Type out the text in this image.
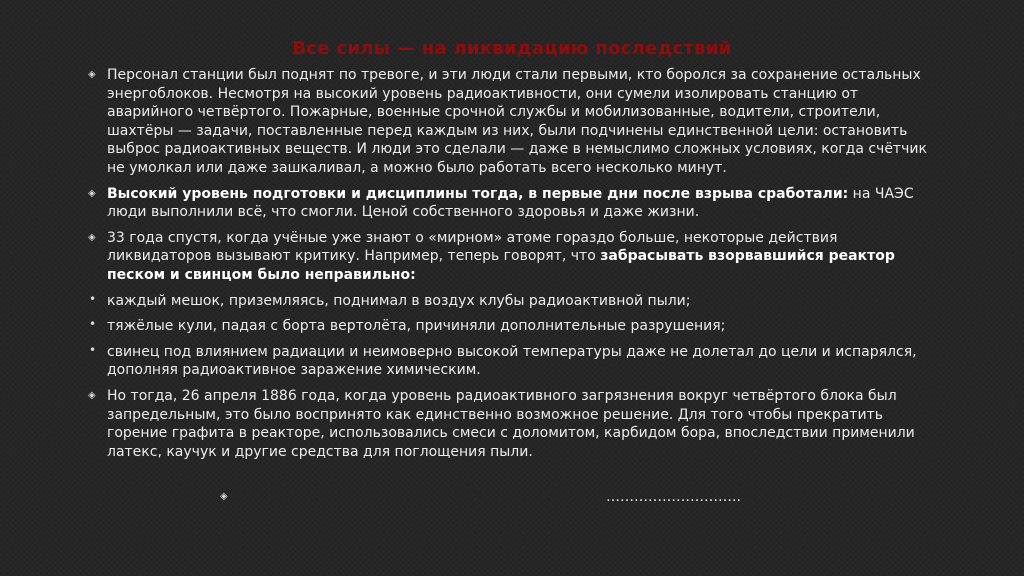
Все силы — на ликвидацию последствий
◈ Персонал станции был поднят по тревоге, и эти люди стали первыми, кто боролся за сохранение остальных энергоблоков. Несмотря на высокий уровень радиоактивности, они сумели изолировать станцию от аварийного четвёртого. Пожарные, военные срочной службы и мобилизованные, водители, строители, шахтёры — задачи, поставленные перед каждым из них, были подчинены единственной цели: остановить выброс радиоактивных веществ. И люди это сделали — даже в немыслимо сложных условиях, когда счётчик не умолкал или даже зашкаливал, а можно было работать всего несколько минут.
◈ Высокий уровень подготовки и дисциплины тогда, в первые дни после взрыва сработали: на ЧАЭС люди выполнили всё, что смогли. Ценой собственного здоровья и даже жизни.
◈ 33 года спустя, когда учёные уже знают о «мирном» атоме гораздо больше, некоторые действия ликвидаторов вызывают критику. Например, теперь говорят, что забрасывать взорвавшийся реактор песком и свинцом было неправильно:
• каждый мешок, приземляясь, поднимал в воздух клубы радиоактивной пыли;
• тяжёлые кули, падая с борта вертолёта, причиняли дополнительные разрушения;
• свинец под влиянием радиации и неимоверно высокой температуры даже не долетал до цели и испарялся, дополняя радиоактивное заражение химическим.
◈ Но тогда, 26 апреля 1886 года, когда уровень радиоактивного загрязнения вокруг четвёртого блока был запредельным, это было воспринято как единственно возможное решение. Для того чтобы прекратить горение графита в реакторе, использовались смеси с доломитом, карбидом бора, впоследствии применили латекс, каучук и другие средства для поглощения пыли.
◈	………………………..
